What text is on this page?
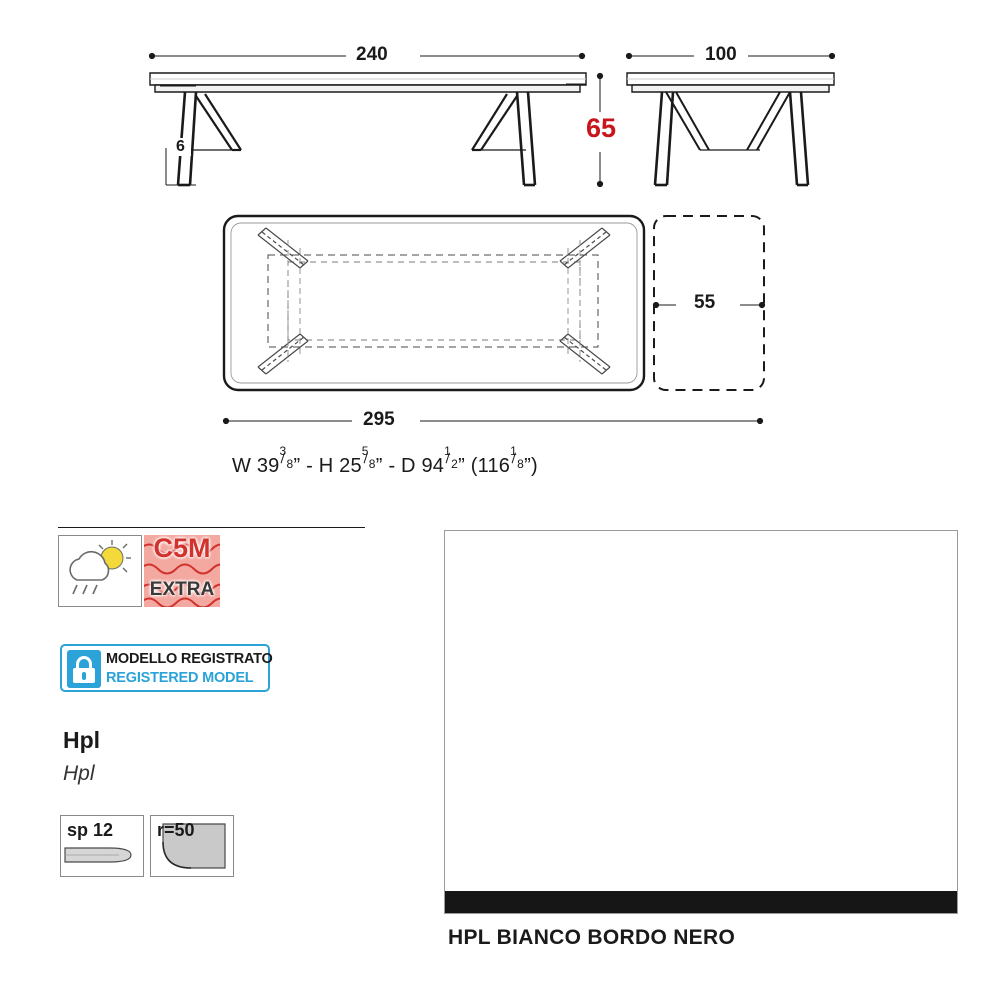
240
6
100
65
55
295
W 39
3
8 ” - H 25
5
8 ” - D 94
1
2 ” (116
1
8 ”)
C5M
EXTRA
MODELLO REGISTRATO
REGISTERED MODEL
Hpl
Hpl
sp 12 r=50
HPL BIANCO BORDO NERO
